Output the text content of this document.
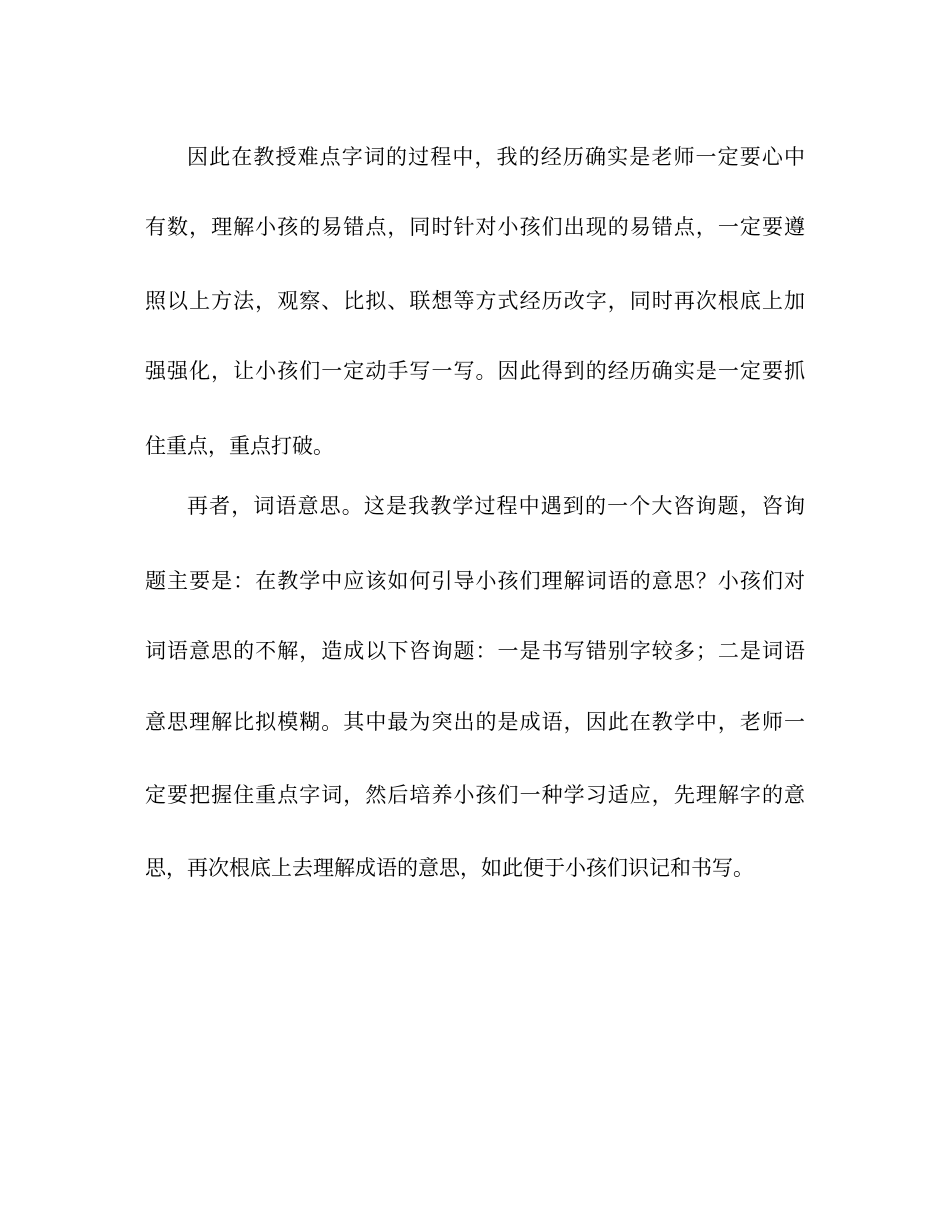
因此在教授难点字词的过程中，我的经历确实是老师一定要心中
有数，理解小孩的易错点，同时针对小孩们出现的易错点，一定要遵
照以上方法，观察、比拟、联想等方式经历改字，同时再次根底上加
强强化，让小孩们一定动手写一写。因此得到的经历确实是一定要抓
住重点，重点打破。
再者，词语意思。这是我教学过程中遇到的一个大咨询题，咨询
题主要是：在教学中应该如何引导小孩们理解词语的意思？小孩们对
词语意思的不解，造成以下咨询题：一是书写错别字较多；二是词语
意思理解比拟模糊。其中最为突出的是成语，因此在教学中，老师一
定要把握住重点字词，然后培养小孩们一种学习适应，先理解字的意
思，再次根底上去理解成语的意思，如此便于小孩们识记和书写。
